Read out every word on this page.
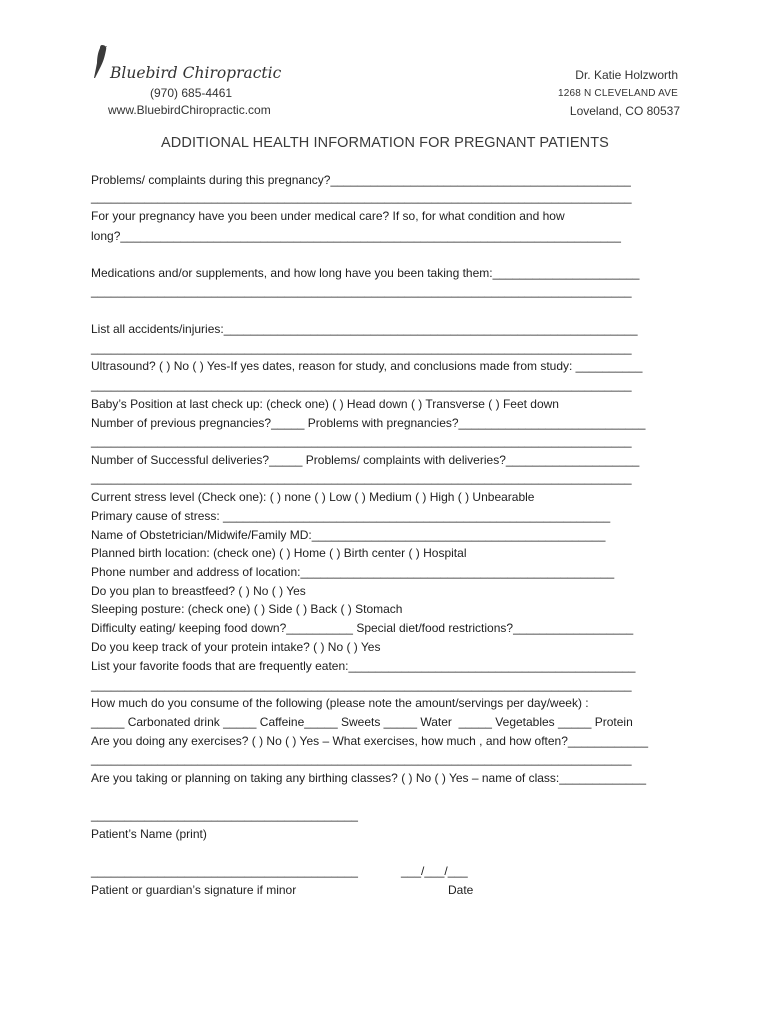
Bluebird Chiropractic
(970) 685-4461
www.BluebirdChiropractic.com
Dr. Katie Holzworth
1268 N CLEVELAND AVE
Loveland, CO 80537
ADDITIONAL HEALTH INFORMATION FOR PREGNANT PATIENTS
Problems/ complaints during this pregnancy?_____________________________________________
_________________________________________________________________________________
For your pregnancy have you been under medical care? If so, for what condition and how
long?___________________________________________________________________________
Medications and/or supplements, and how long have you been taking them:______________________
_________________________________________________________________________________
List all accidents/injuries:______________________________________________________________
_________________________________________________________________________________
Ultrasound? ( ) No ( ) Yes-If yes dates, reason for study, and conclusions made from study: __________
_________________________________________________________________________________
Baby’s Position at last check up: (check one) ( ) Head down ( ) Transverse ( ) Feet down
Number of previous pregnancies?_____ Problems with pregnancies?____________________________
_________________________________________________________________________________
Number of Successful deliveries?_____ Problems/ complaints with deliveries?____________________
_________________________________________________________________________________
Current stress level (Check one): ( ) none ( ) Low ( ) Medium ( ) High ( ) Unbearable
Primary cause of stress: __________________________________________________________
Name of Obstetrician/Midwife/Family MD:____________________________________________
Planned birth location: (check one) ( ) Home ( ) Birth center ( ) Hospital
Phone number and address of location:_______________________________________________
Do you plan to breastfeed? ( ) No ( ) Yes
Sleeping posture: (check one) ( ) Side ( ) Back ( ) Stomach
Difficulty eating/ keeping food down?__________ Special diet/food restrictions?__________________
Do you keep track of your protein intake? ( ) No ( ) Yes
List your favorite foods that are frequently eaten:___________________________________________
_________________________________________________________________________________
How much do you consume of the following (please note the amount/servings per day/week) :
_____ Carbonated drink _____ Caffeine_____ Sweets _____ Water  _____ Vegetables _____ Protein
Are you doing any exercises? ( ) No ( ) Yes – What exercises, how much , and how often?____________
_________________________________________________________________________________
Are you taking or planning on taking any birthing classes? ( ) No ( ) Yes – name of class:_____________
________________________________________
Patient’s Name (print)
________________________________________	___/___/___
Patient or guardian’s signature if minor	Date
